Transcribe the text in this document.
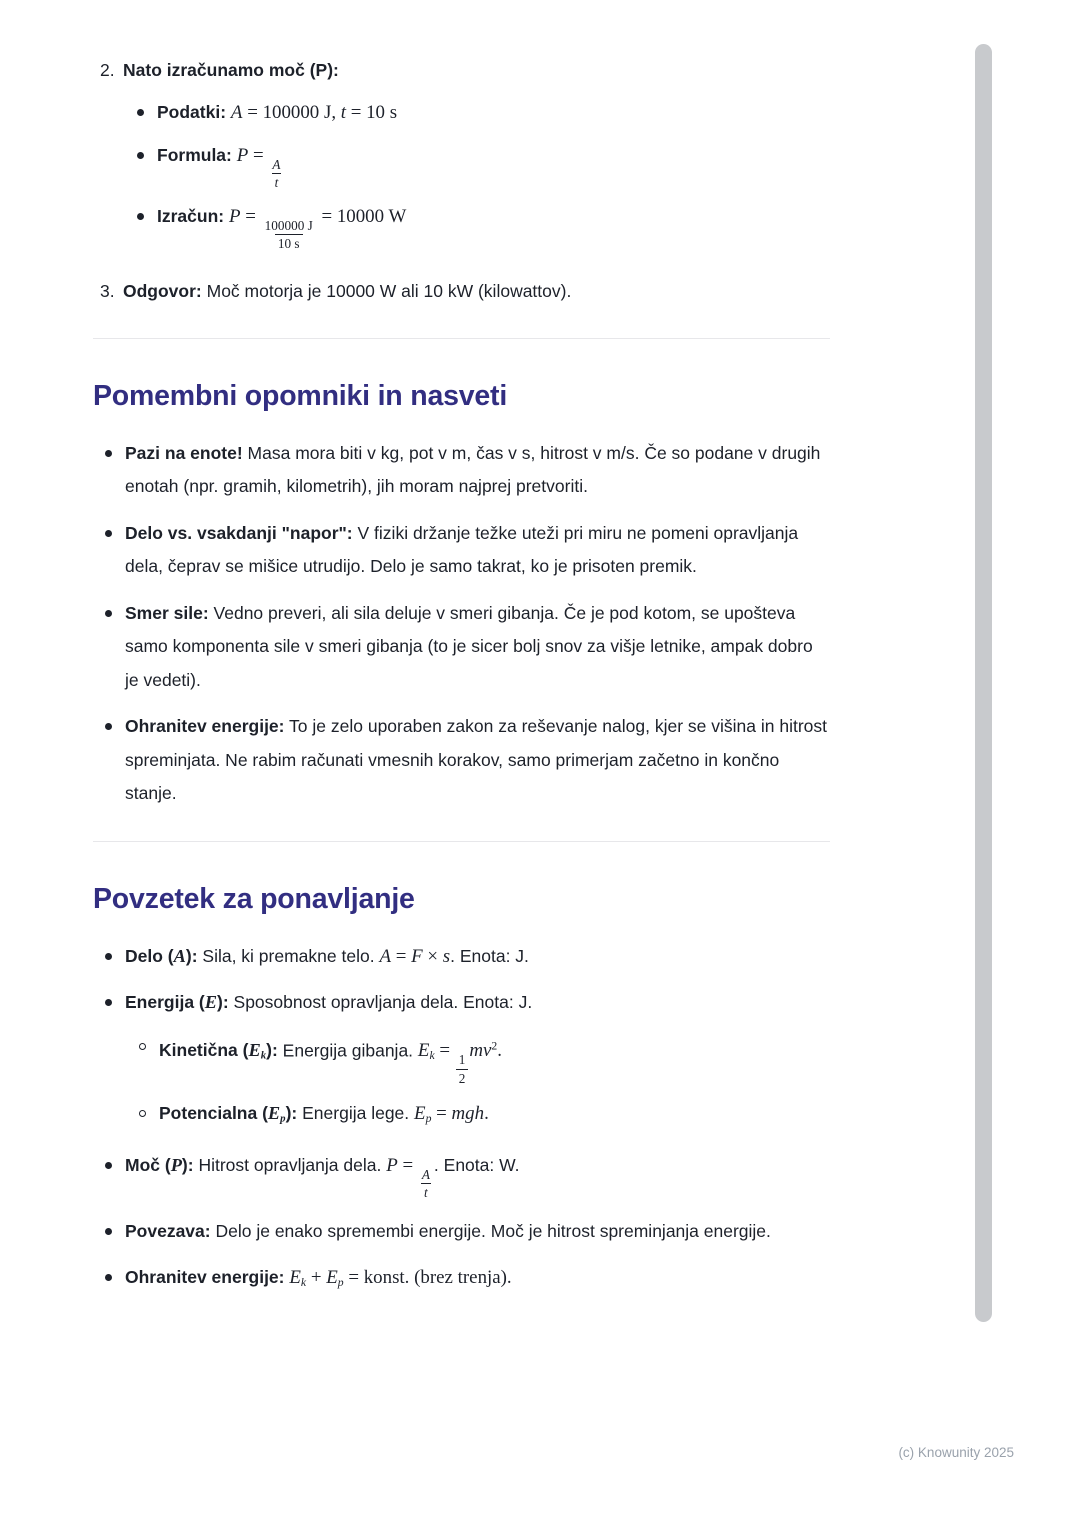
2. Nato izračunamo moč (P):
Podatki: A = 100000 J, t = 10 s
Formula: P =
$\frac{A}{t}$
Izračun: P =
$\frac{100000 J}{10 s}$
= 10000 W
3. Odgovor: Moč motorja je 10000 W ali 10 kW (kilowattov).
Pomembni opomniki in nasveti
Pazi na enote! Masa mora biti v kg, pot v m, čas v s, hitrost v m/s. Če so podane v drugih enotah (npr. gramih, kilometrih), jih moram najprej pretvoriti.
Delo vs. vsakdanji "napor": V fiziki držanje težke uteži pri miru ne pomeni opravljanja dela, čeprav se mišice utrudijo. Delo je samo takrat, ko je prisoten premik.
Smer sile: Vedno preveri, ali sila deluje v smeri gibanja. Če je pod kotom, se upošteva samo komponenta sile v smeri gibanja (to je sicer bolj snov za višje letnike, ampak dobro je vedeti).
Ohranitev energije: To je zelo uporaben zakon za reševanje nalog, kjer se višina in hitrost spreminjata. Ne rabim računati vmesnih korakov, samo primerjam začetno in končno stanje.
Povzetek za ponavljanje
Delo (A): Sila, ki premakne telo. A = F × s. Enota: J.
Energija (E): Sposobnost opravljanja dela. Enota: J.
Kinetična (Ek): Energija gibanja. Ek =
$\frac{1}{2}$
$mv^2$.
Potencialna (Ep): Energija lege. Ep = mgh.
Moč (P): Hitrost opravljanja dela. P =
$\frac{A}{t}$
. Enota: W.
Povezava: Delo je enako spremembi energije. Moč je hitrost spreminjanja energije.
Ohranitev energije: Ek + Ep = konst. (brez trenja).
(c) Knowunity 2025
